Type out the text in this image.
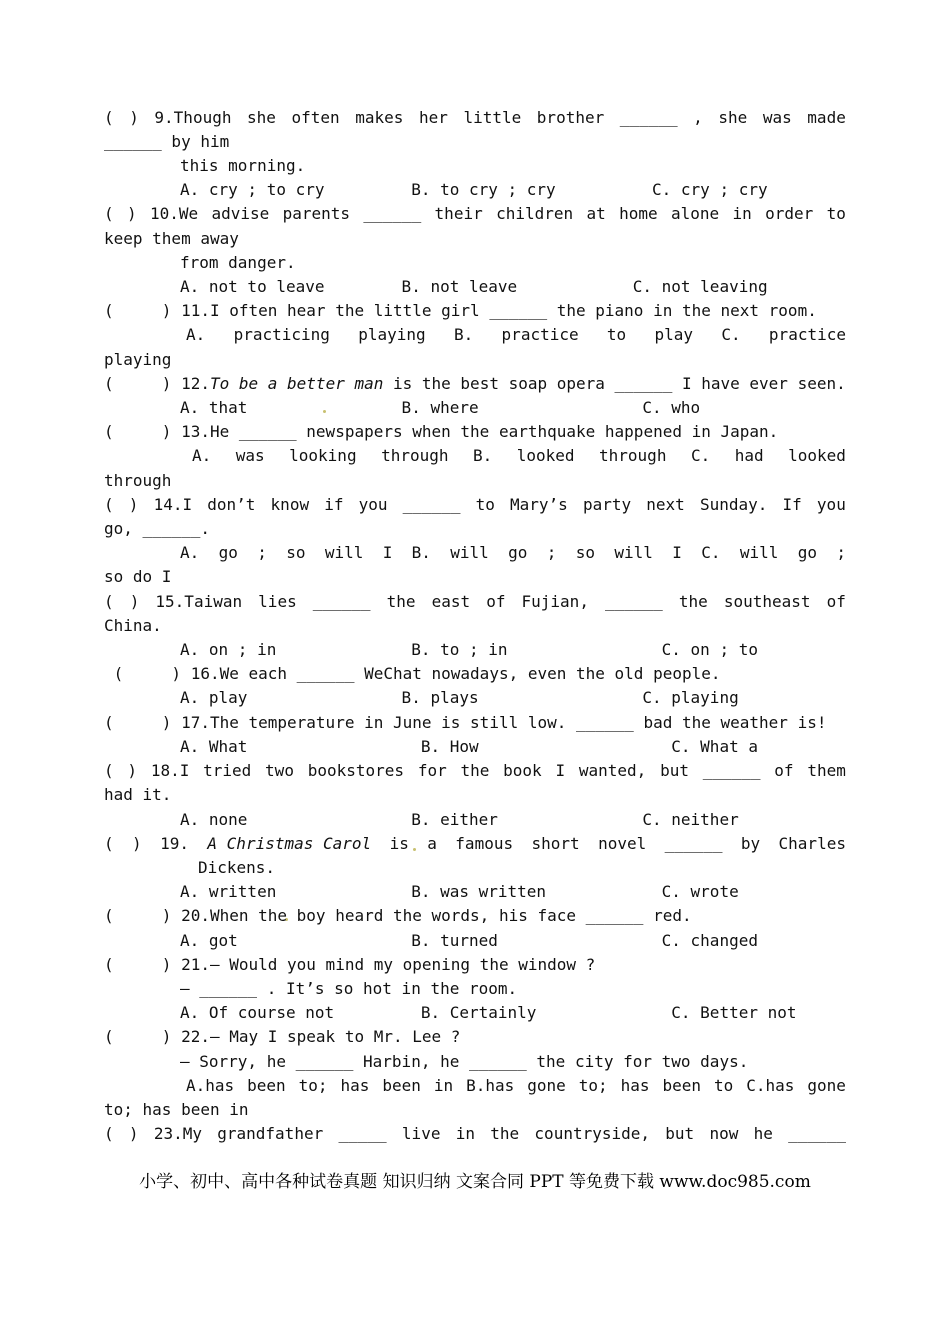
小学、初中、高中各种试卷真题 知识归纳 文案合同 PPT 等免费下载 www.doc985.com
( ) 9.Though she often makes her little brother ______ , she was made
______ by him
this morning.
A. cry ; to cry         B. to cry ; cry          C. cry ; cry
( ) 10.We advise parents ______ their children at home alone in order to
keep them away
from danger.
A. not to leave        B. not leave            C. not leaving
(     ) 11.I often hear the little girl ______ the piano in the next room.
A. practicing playing B. practice to play C. practice
playing
(     ) 12.To be a better man is the best soap opera ______ I have ever seen.
A. that                B. where                 C. who
(     ) 13.He ______ newspapers when the earthquake happened in Japan.
A. was looking through B. looked through C. had looked
through
( ) 14.I don’t know if you ______ to Mary’s party next Sunday. If you
go, ______.
A. go ; so will I B. will go ; so will I C. will go ;
so do I
( ) 15.Taiwan lies ______ the east of Fujian, ______ the southeast of
China.
A. on ; in              B. to ; in                C. on ; to
(     ) 16.We each ______ WeChat nowadays, even the old people.
A. play                B. plays                 C. playing
(     ) 17.The temperature in June is still low. ______ bad the weather is!
A. What                  B. How                    C. What a
( ) 18.I tried two bookstores for the book I wanted, but ______ of them
had it.
A. none                 B. either               C. neither
( ) 19. A Christmas Carol is a famous short novel ______ by Charles
Dickens.
A. written              B. was written            C. wrote
(     ) 20.When the boy heard the words, his face ______ red.
A. got                  B. turned                 C. changed
(     ) 21.— Would you mind my opening the window ?
— ______ . It’s so hot in the room.
A. Of course not         B. Certainly              C. Better not
(     ) 22.— May I speak to Mr. Lee ?
— Sorry, he ______ Harbin, he ______ the city for two days.
A.has been to; has been in B.has gone to; has been to C.has gone
to; has been in
( ) 23.My grandfather _____ live in the countryside, but now he ______
